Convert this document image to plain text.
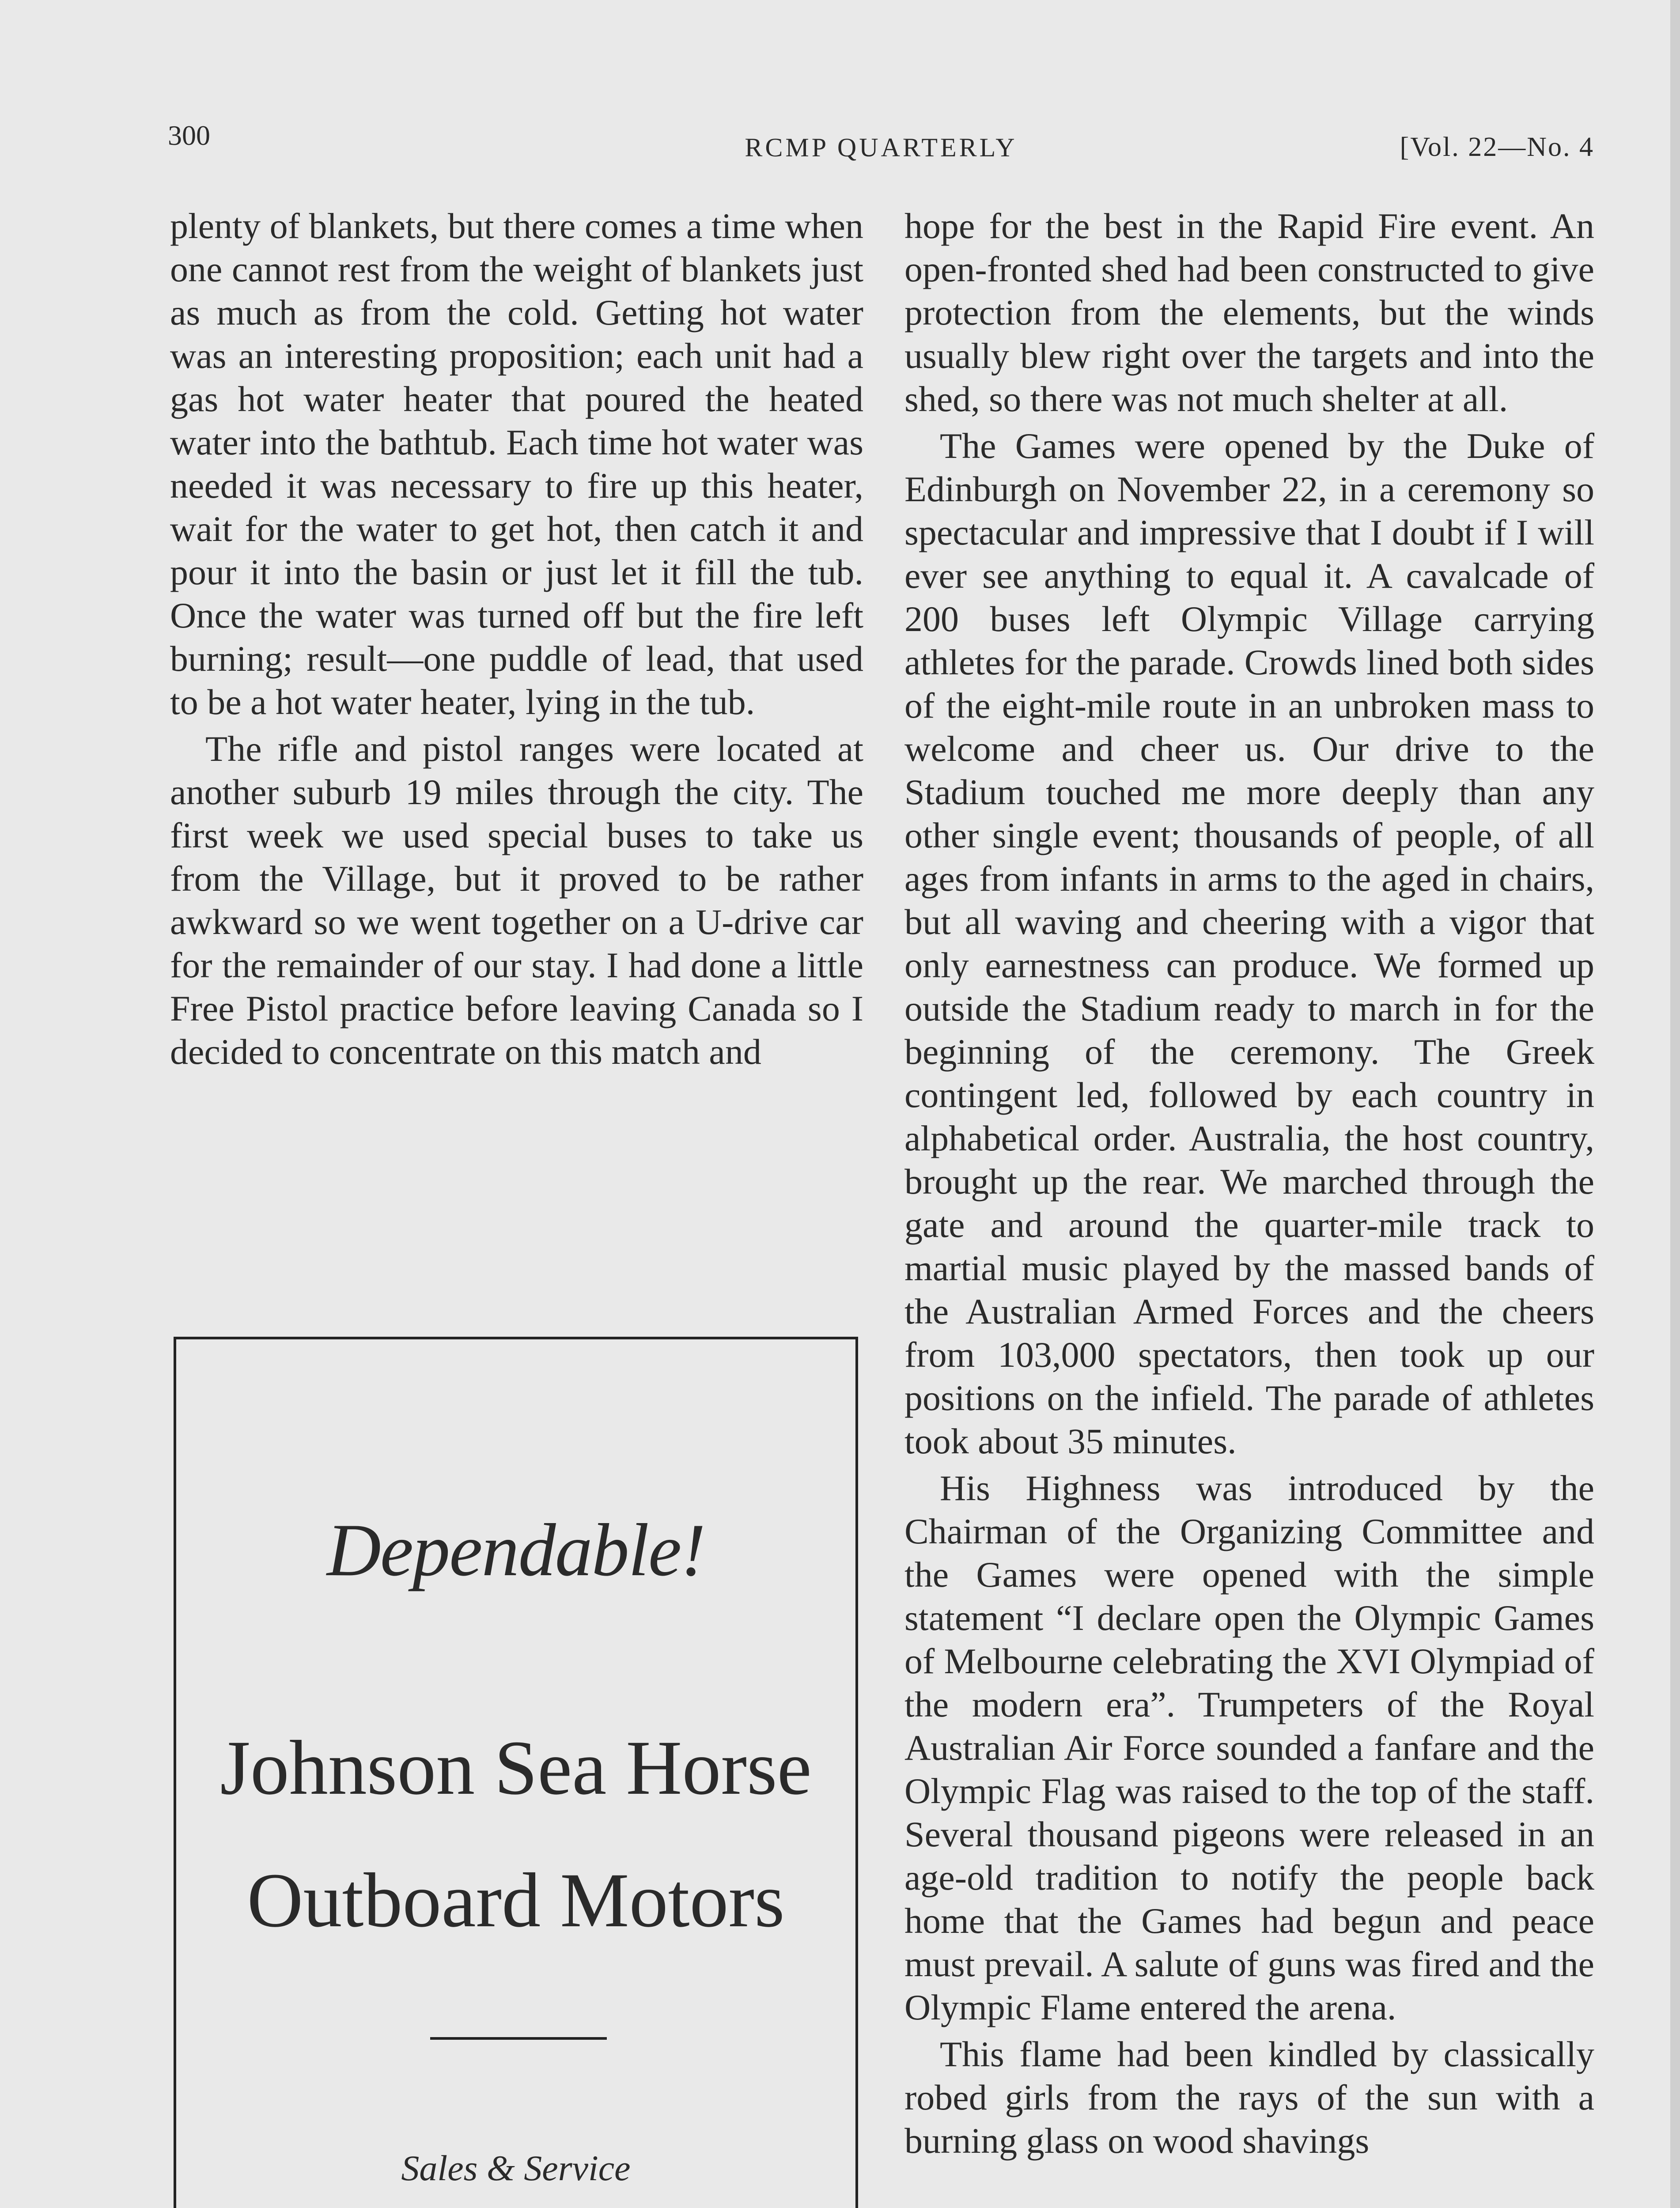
300	RCMP QUARTERLY	[Vol. 22—No. 4

plenty of blankets, but there comes a time when one cannot rest from the weight of blankets just as much as from the cold. Getting hot water was an interesting proposition; each unit had a gas hot water heater that poured the heated water into the bathtub. Each time hot water was needed it was necessary to fire up this heater, wait for the water to get hot, then catch it and pour it into the basin or just let it fill the tub. Once the water was turned off but the fire left burning; result—one puddle of lead, that used to be a hot water heater, lying in the tub.

The rifle and pistol ranges were located at another suburb 19 miles through the city. The first week we used special buses to take us from the Village, but it proved to be rather awkward so we went together on a U-drive car for the remainder of our stay. I had done a little Free Pistol practice before leaving Canada so I decided to concentrate on this match and

hope for the best in the Rapid Fire event. An open-fronted shed had been constructed to give protection from the elements, but the winds usually blew right over the targets and into the shed, so there was not much shelter at all.

The Games were opened by the Duke of Edinburgh on November 22, in a ceremony so spectacular and impressive that I doubt if I will ever see anything to equal it. A cavalcade of 200 buses left Olympic Village carrying athletes for the parade. Crowds lined both sides of the eight-mile route in an unbroken mass to welcome and cheer us. Our drive to the Stadium touched me more deeply than any other single event; thousands of people, of all ages from infants in arms to the aged in chairs, but all waving and cheering with a vigor that only earnestness can produce. We formed up outside the Stadium ready to march in for the beginning of the ceremony. The Greek contingent led, followed by each country in alphabetical order. Australia, the host country, brought up the rear. We marched through the gate and around the quarter-mile track to martial music played by the massed bands of the Australian Armed Forces and the cheers from 103,000 spectators, then took up our positions on the infield. The parade of athletes took about 35 minutes.

His Highness was introduced by the Chairman of the Organizing Committee and the Games were opened with the simple statement “I declare open the Olympic Games of Melbourne celebrating the XVI Olympiad of the modern era”. Trumpeters of the Royal Australian Air Force sounded a fanfare and the Olympic Flag was raised to the top of the staff. Several thousand pigeons were released in an age-old tradition to notify the people back home that the Games had begun and peace must prevail. A salute of guns was fired and the Olympic Flame entered the arena.

This flame had been kindled by classically robed girls from the rays of the sun with a burning glass on wood shavings

Dependable!
Johnson Sea Horse
Outboard Motors
Sales & Service
